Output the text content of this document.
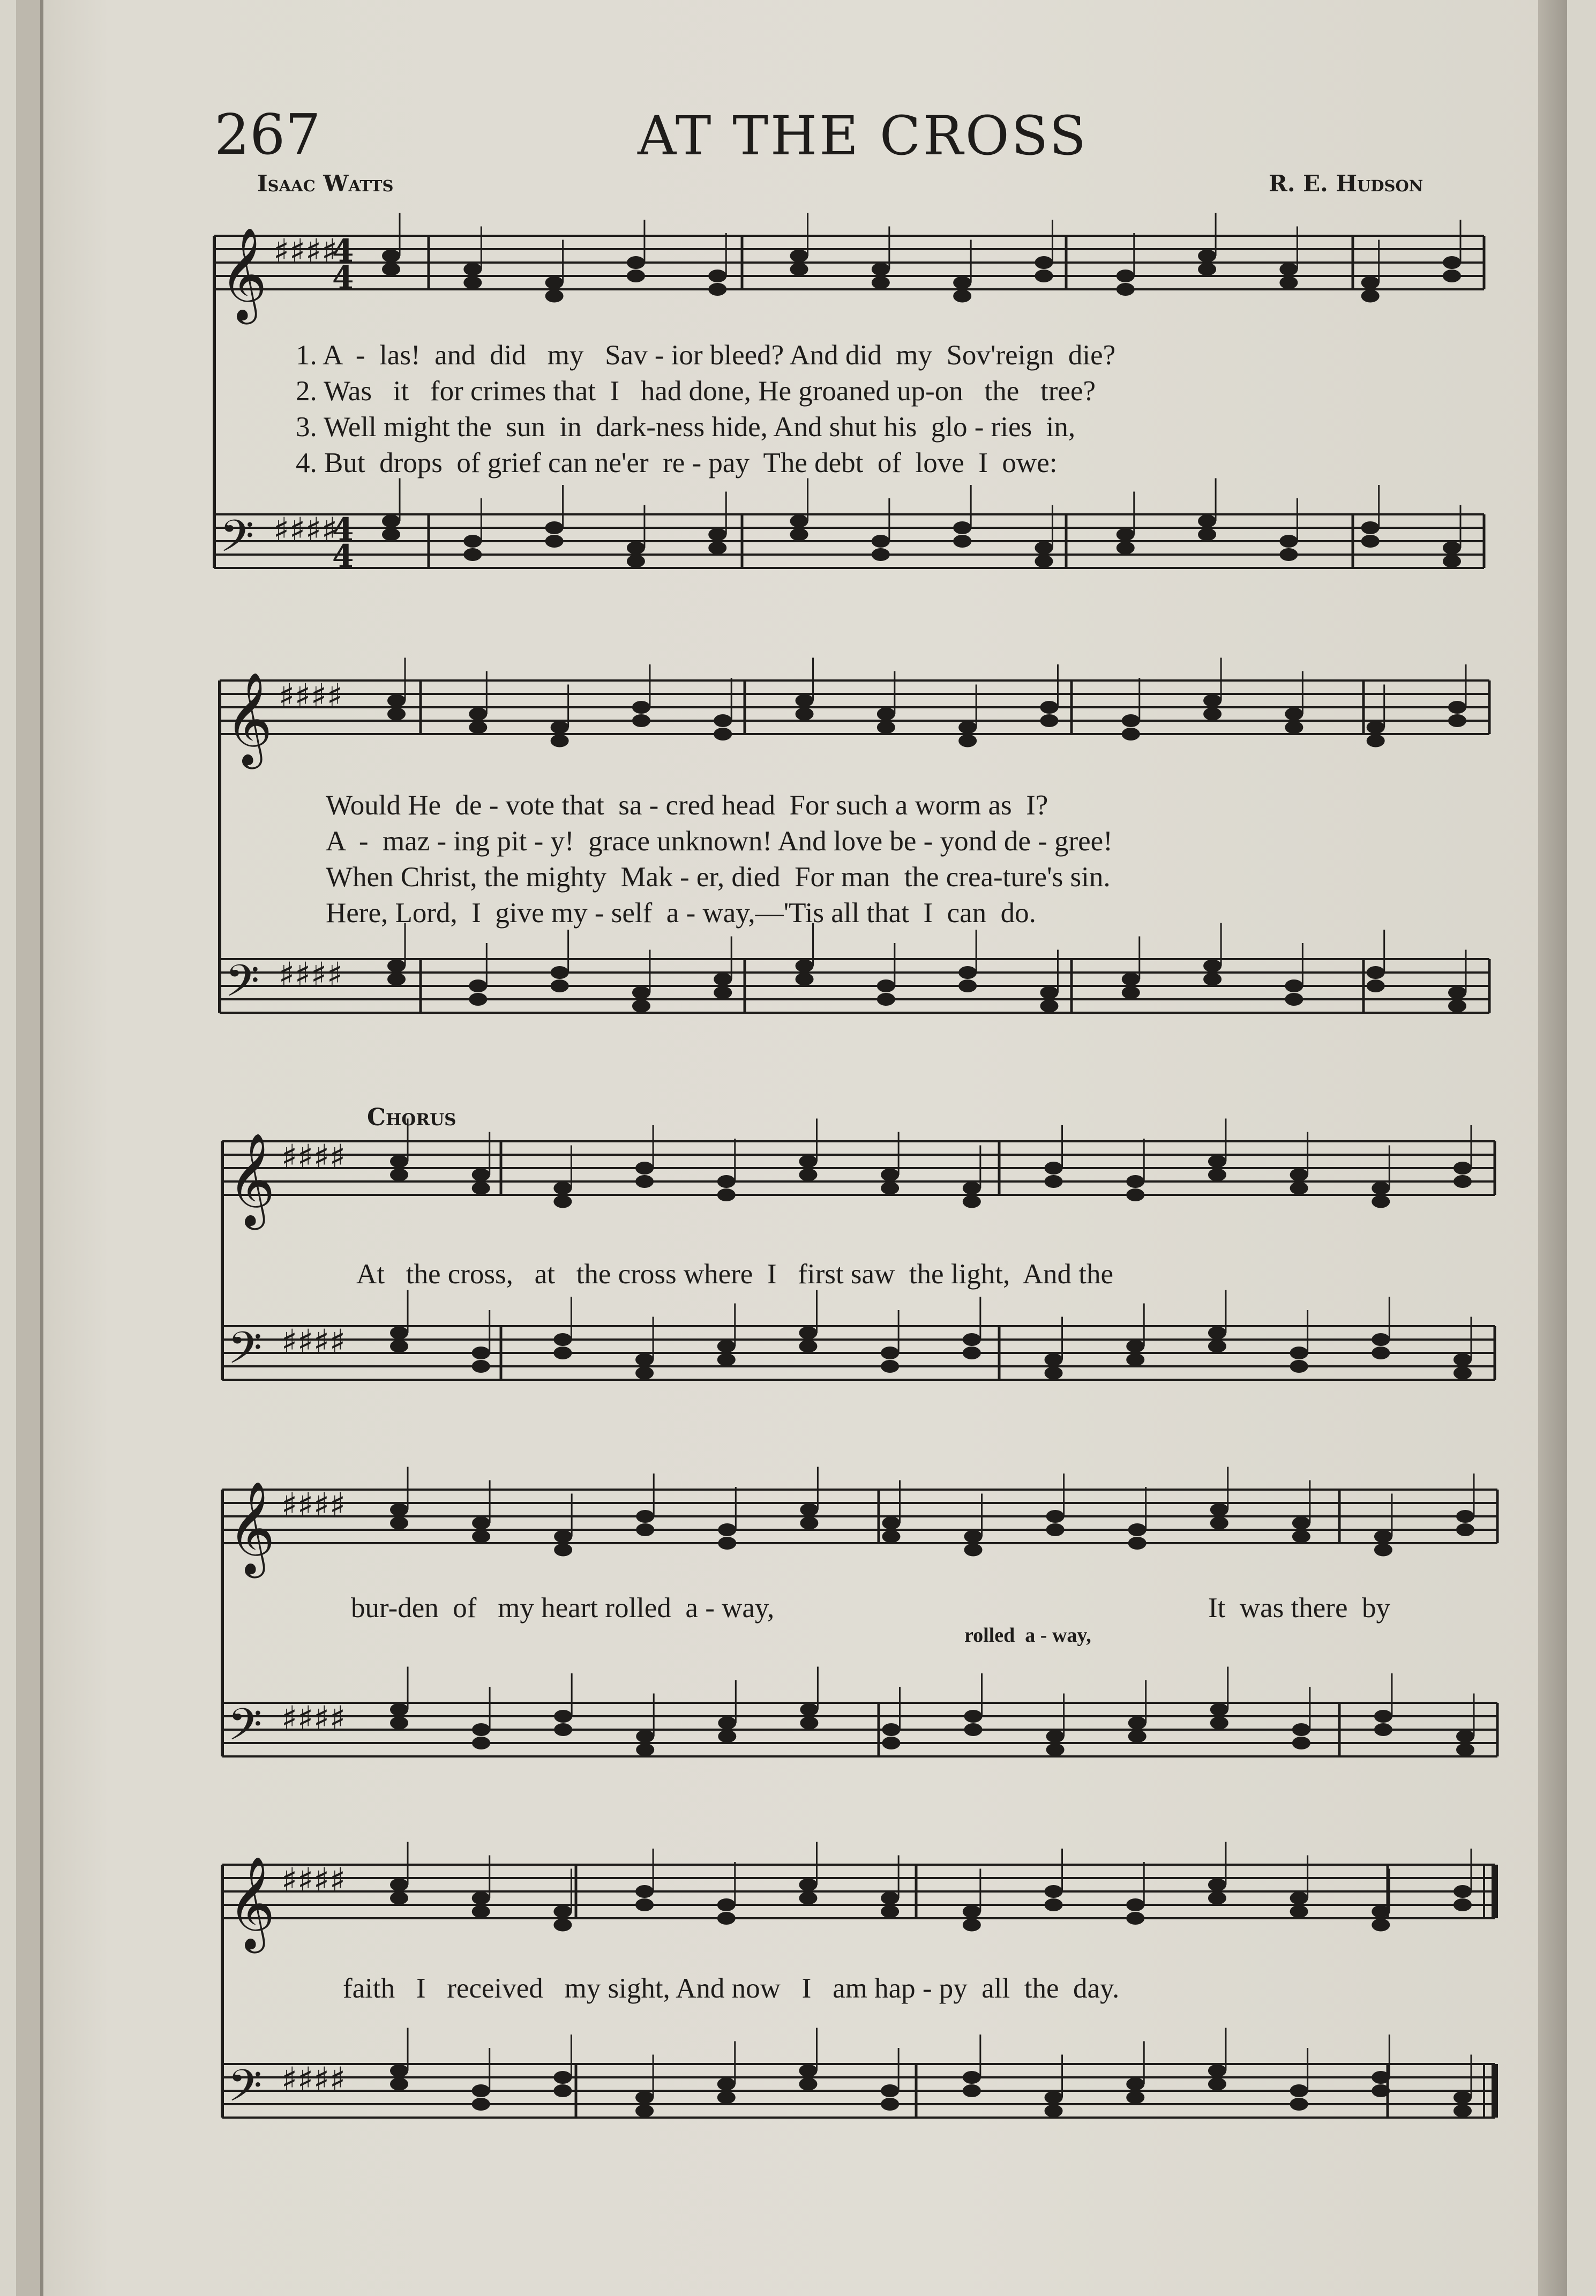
𝄞 ♯♯♯♯
𝄢 ♯♯♯♯
𝄞 ♯♯♯♯
𝄢 ♯♯♯♯
𝄞 ♯♯♯♯
𝄢 ♯♯♯♯
𝄞 ♯♯♯♯
𝄢 ♯♯♯♯
𝄞 ♯♯♯♯
𝄢 ♯♯♯♯
4
4
4
4
267	AT THE CROSS
Isaac Watts	R. E. Hudson
Chorus

1. A  -  las!  and  did   my   Sav - ior bleed? And did  my  Sov'reign  die?

2. Was   it   for crimes that  I   had done, He groaned up-on   the   tree?

3. Well might the  sun  in  dark-ness hide, And shut his  glo - ries  in,

4. But  drops  of grief can ne'er  re - pay  The debt  of  love  I  owe:

Would He  de - vote that  sa - cred head  For such a worm as  I?

A  -  maz - ing pit - y!  grace unknown! And love be - yond de - gree!

When Christ, the mighty  Mak - er, died  For man  the crea-ture's sin.

Here, Lord,  I  give my - self  a - way,—'Tis all that  I  can  do.

At   the cross,   at   the cross where  I   first saw  the light,  And the

bur-den  of   my heart rolled  a - way,	It  was there  by

rolled  a - way,

faith   I   received   my sight, And now   I   am hap - py  all  the  day.
